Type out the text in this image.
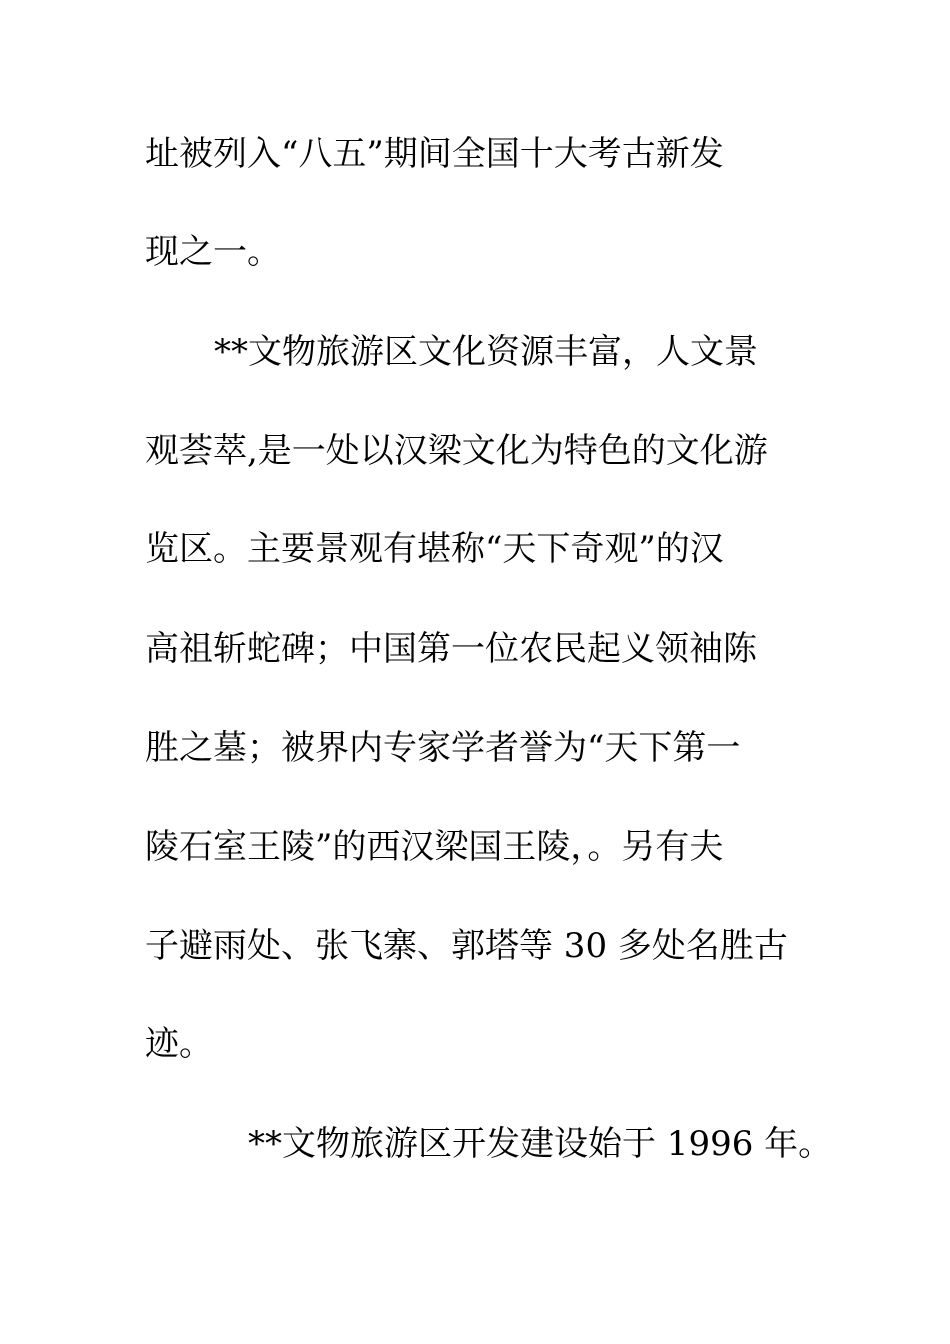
址被列入“八五”期间全国十大考古新发
现之一。
**文物旅游区文化资源丰富，人文景
观荟萃,是一处以汉梁文化为特色的文化游
览区。主要景观有堪称“天下奇观”的汉
高祖斩蛇碑；中国第一位农民起义领袖陈
胜之墓；被界内专家学者誉为“天下第一
陵石室王陵”的西汉梁国王陵，。另有夫
子避雨处、张飞寨、郭塔等 30 多处名胜古
迹。
**文物旅游区开发建设始于 1996 年。
